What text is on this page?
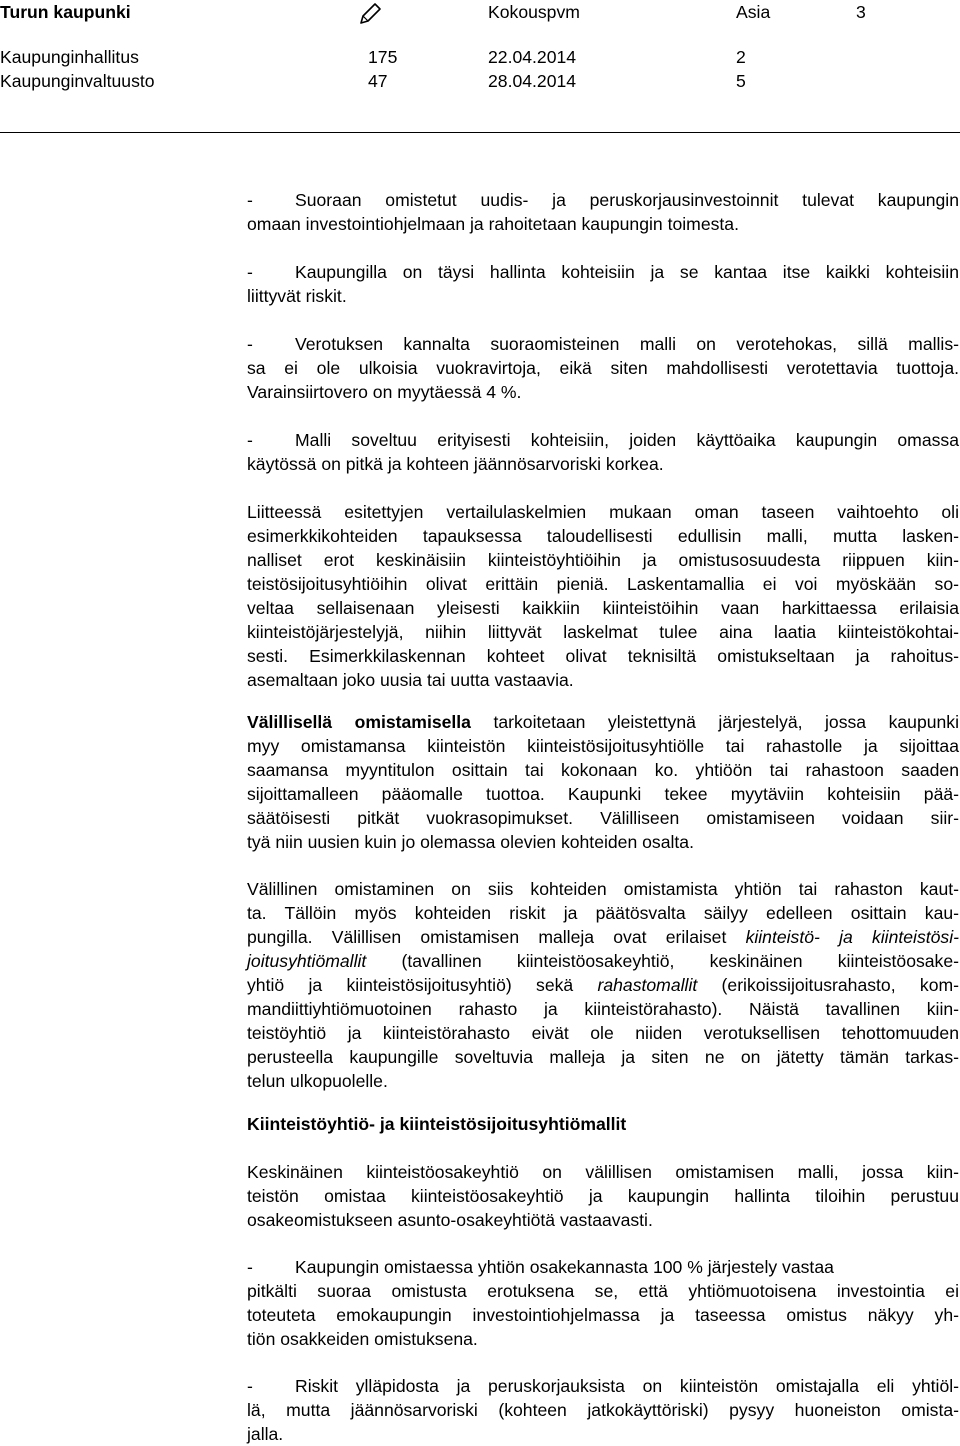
Turun kaupunki	Kokouspvm	Asia	3
Kaupunginhallitus	175	22.04.2014	2
Kaupunginvaltuusto	47	28.04.2014	5
- Suoraan omistetut uudis- ja peruskorjausinvestoinnit tulevat kaupungin
omaan investointiohjelmaan ja rahoitetaan kaupungin toimesta.
- Kaupungilla on täysi hallinta kohteisiin ja se kantaa itse kaikki kohteisiin
liittyvät riskit.
- Verotuksen kannalta suoraomisteinen malli on verotehokas, sillä mallis-
sa ei ole ulkoisia vuokravirtoja, eikä siten mahdollisesti verotettavia tuottoja.
Varainsiirtovero on myytäessä 4 %.
- Malli soveltuu erityisesti kohteisiin, joiden käyttöaika kaupungin omassa
käytössä on pitkä ja kohteen jäännösarvoriski korkea.
Liitteessä esitettyjen vertailulaskelmien mukaan oman taseen vaihtoehto oli
esimerkkikohteiden tapauksessa taloudellisesti edullisin malli, mutta lasken-
nalliset erot keskinäisiin kiinteistöyhtiöihin ja omistusosuudesta riippuen kiin-
teistösijoitusyhtiöihin olivat erittäin pieniä. Laskentamallia ei voi myöskään so-
veltaa sellaisenaan yleisesti kaikkiin kiinteistöihin vaan harkittaessa erilaisia
kiinteistöjärjestelyjä, niihin liittyvät laskelmat tulee aina laatia kiinteistökohtai-
sesti. Esimerkkilaskennan kohteet olivat teknisiltä omistukseltaan ja rahoitus-
asemaltaan joko uusia tai uutta vastaavia.
Välillisellä omistamisella tarkoitetaan yleistettynä järjestelyä, jossa kaupunki
myy omistamansa kiinteistön kiinteistösijoitusyhtiölle tai rahastolle ja sijoittaa
saamansa myyntitulon osittain tai kokonaan ko. yhtiöön tai rahastoon saaden
sijoittamalleen pääomalle tuottoa. Kaupunki tekee myytäviin kohteisiin pää-
säätöisesti pitkät vuokrasopimukset. Välilliseen omistamiseen voidaan siir-
tyä niin uusien kuin jo olemassa olevien kohteiden osalta.
Välillinen omistaminen on siis kohteiden omistamista yhtiön tai rahaston kaut-
ta. Tällöin myös kohteiden riskit ja päätösvalta säilyy edelleen osittain kau-
pungilla. Välillisen omistamisen malleja ovat erilaiset kiinteistö- ja kiinteistösi-
joitusyhtiömallit (tavallinen kiinteistöosakeyhtiö, keskinäinen kiinteistöosake-
yhtiö ja kiinteistösijoitusyhtiö) sekä rahastomallit (erikoissijoitusrahasto, kom-
mandiittiyhtiömuotoinen rahasto ja kiinteistörahasto). Näistä tavallinen kiin-
teistöyhtiö ja kiinteistörahasto eivät ole niiden verotuksellisen tehottomuuden
perusteella kaupungille soveltuvia malleja ja siten ne on jätetty tämän tarkas-
telun ulkopuolelle.
Kiinteistöyhtiö- ja kiinteistösijoitusyhtiömallit
Keskinäinen kiinteistöosakeyhtiö on välillisen omistamisen malli, jossa kiin-
teistön omistaa kiinteistöosakeyhtiö ja kaupungin hallinta tiloihin perustuu
osakeomistukseen asunto-osakeyhtiötä vastaavasti.
- Kaupungin omistaessa yhtiön osakekannasta 100 % järjestely vastaa
pitkälti suoraa omistusta erotuksena se, että yhtiömuotoisena investointia ei
toteuteta emokaupungin investointiohjelmassa ja taseessa omistus näkyy yh-
tiön osakkeiden omistuksena.
- Riskit ylläpidosta ja peruskorjauksista on kiinteistön omistajalla eli yhtiöl-
lä, mutta jäännösarvoriski (kohteen jatkokäyttöriski) pysyy huoneiston omista-
jalla.
